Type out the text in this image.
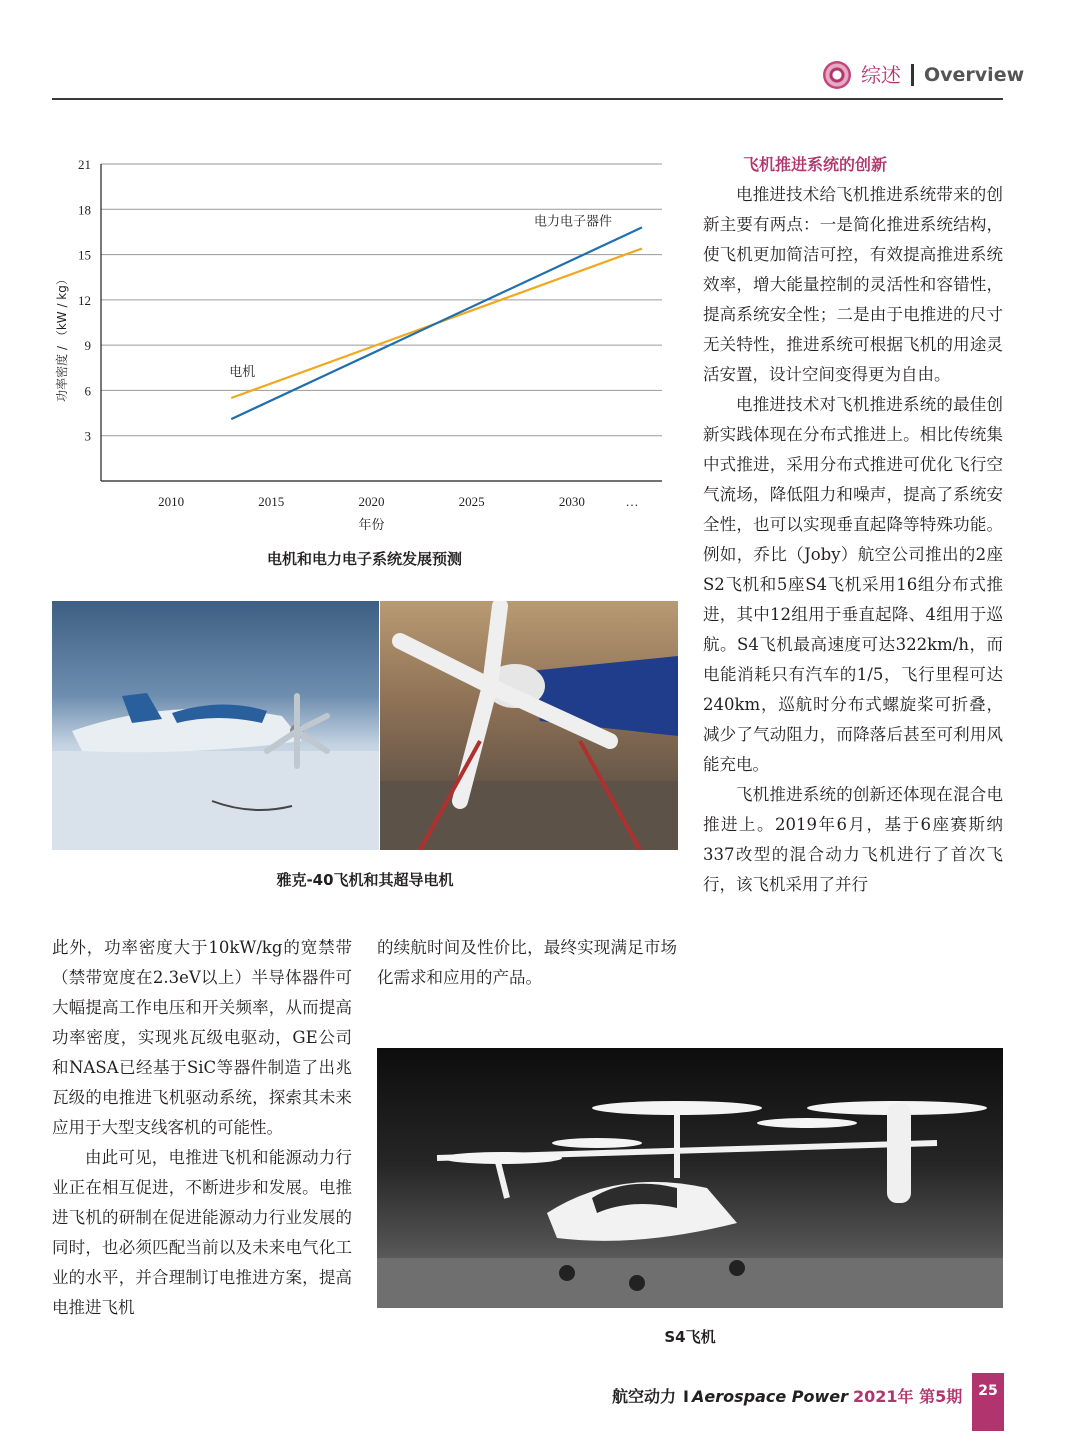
综述 Overview
3
6
9
12
15
18
21
2010	2015	2020	2025	2030	…
年份
功率密度 / （kW / kg）	电机
电力电子器件
电机和电力电子系统发展预测
雅克-40飞机和其超导电机
S4飞机
飞机推进系统的创新

电推进技术给飞机推进系统带来的创新主要有两点：一是简化推进系统结构，使飞机更加简洁可控，有效提高推进系统效率，增大能量控制的灵活性和容错性，提高系统安全性；二是由于电推进的尺寸无关特性，推进系统可根据飞机的用途灵活安置，设计空间变得更为自由。

电推进技术对飞机推进系统的最佳创新实践体现在分布式推进上。相比传统集中式推进，采用分布式推进可优化飞行空气流场，降低阻力和噪声，提高了系统安全性，也可以实现垂直起降等特殊功能。例如，乔比（Joby）航空公司推出的2座S2飞机和5座S4飞机采用16组分布式推进，其中12组用于垂直起降、4组用于巡航。S4飞机最高速度可达322km/h，而电能消耗只有汽车的1/5，飞行里程可达240km，巡航时分布式螺旋桨可折叠，减少了气动阻力，而降落后甚至可利用风能充电。

飞机推进系统的创新还体现在混合电推进上。2019年6月，基于6座赛斯纳337改型的混合动力飞机进行了首次飞行，该飞机采用了并行

此外，功率密度大于10kW/kg的宽禁带（禁带宽度在2.3eV以上）半导体器件可大幅提高工作电压和开关频率，从而提高功率密度，实现兆瓦级电驱动，GE公司和NASA已经基于SiC等器件制造了出兆瓦级的电推进飞机驱动系统，探索其未来应用于大型支线客机的可能性。

由此可见，电推进飞机和能源动力行业正在相互促进，不断进步和发展。电推进飞机的研制在促进能源动力行业发展的同时，也必须匹配当前以及未来电气化工业的水平，并合理制订电推进方案，提高电推进飞机

的续航时间及性价比，最终实现满足市场化需求和应用的产品。

航空动力 I Aerospace Power 2021年 第5期	25
